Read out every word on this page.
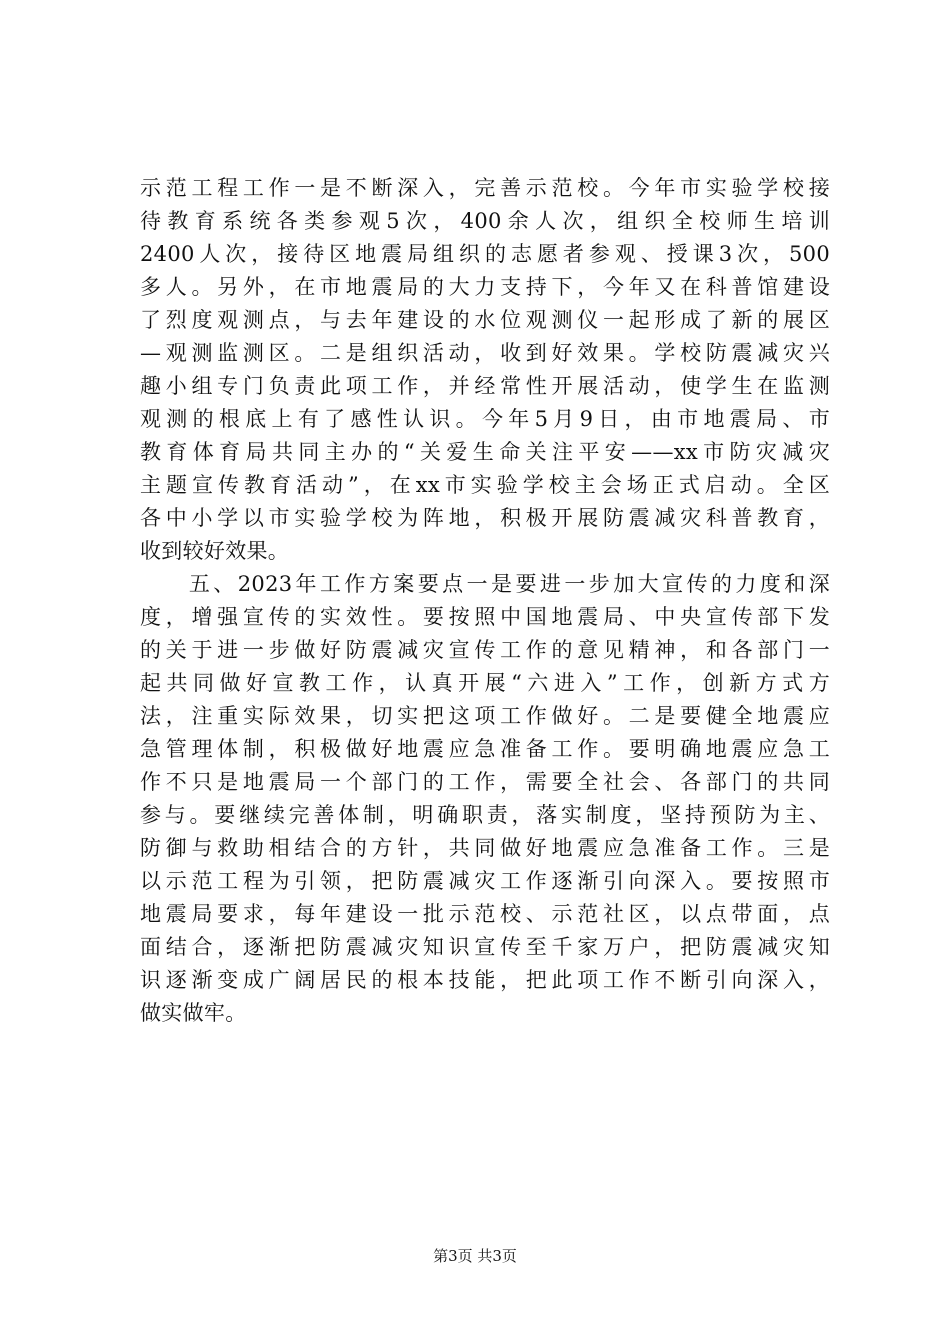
示范工程工作一是不断深入，完善示范校。今年市实验学校接
待教育系统各类参观5次，400余人次，组织全校师生培训
2400人次，接待区地震局组织的志愿者参观、授课3次，500
多人。另外，在市地震局的大力支持下，今年又在科普馆建设
了烈度观测点，与去年建设的水位观测仪一起形成了新的展区
—观测监测区。二是组织活动，收到好效果。学校防震减灾兴
趣小组专门负责此项工作，并经常性开展活动，使学生在监测
观测的根底上有了感性认识。今年5月9日，由市地震局、市
教育体育局共同主办的“关爱生命关注平安——xx市防灾减灾
主题宣传教育活动”，在xx市实验学校主会场正式启动。全区
各中小学以市实验学校为阵地，积极开展防震减灾科普教育，
收到较好效果。
　　五、2023年工作方案要点一是要进一步加大宣传的力度和深
度，增强宣传的实效性。要按照中国地震局、中央宣传部下发
的关于进一步做好防震减灾宣传工作的意见精神，和各部门一
起共同做好宣教工作，认真开展“六进入”工作，创新方式方
法，注重实际效果，切实把这项工作做好。二是要健全地震应
急管理体制，积极做好地震应急准备工作。要明确地震应急工
作不只是地震局一个部门的工作，需要全社会、各部门的共同
参与。要继续完善体制，明确职责，落实制度，坚持预防为主、
防御与救助相结合的方针，共同做好地震应急准备工作。三是
以示范工程为引领，把防震减灾工作逐渐引向深入。要按照市
地震局要求，每年建设一批示范校、示范社区，以点带面，点
面结合，逐渐把防震减灾知识宣传至千家万户，把防震减灾知
识逐渐变成广阔居民的根本技能，把此项工作不断引向深入，
做实做牢。
第3页 共3页
